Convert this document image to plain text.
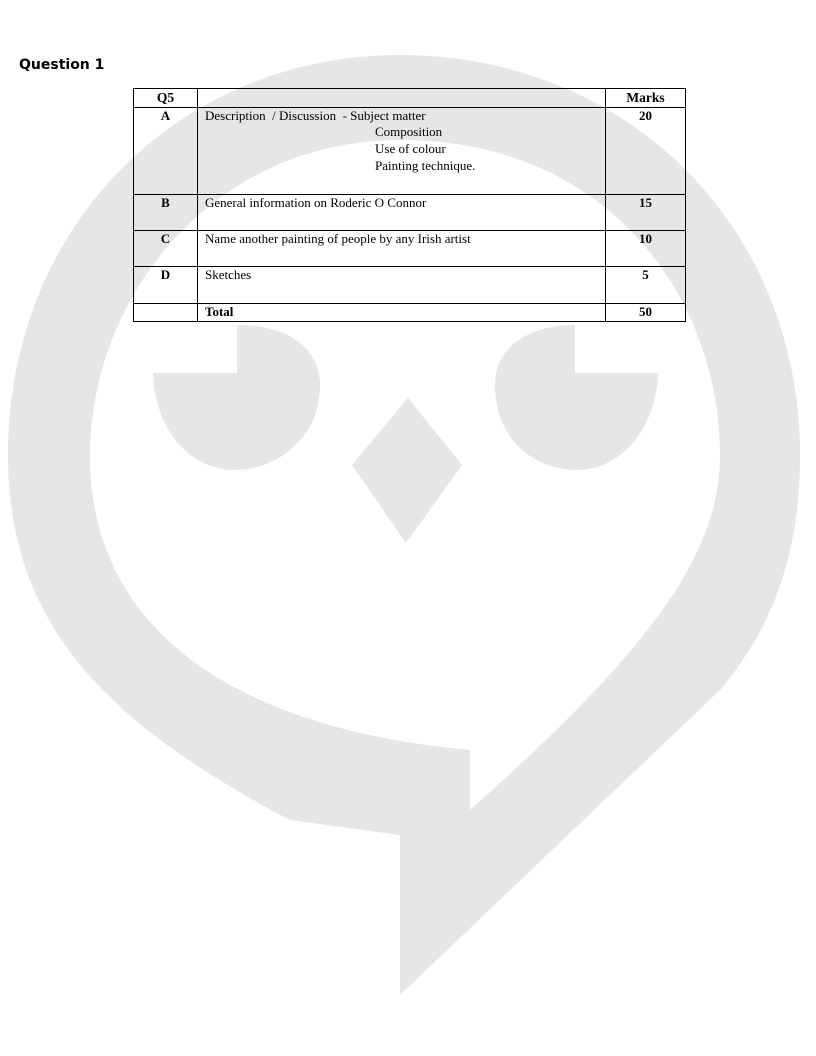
Question 1
Q5		Marks
A	Description  / Discussion  - Subject matter
Composition
Use of colour
Painting technique.	20
B	General information on Roderic O Connor	15
C	Name another painting of people by any Irish artist	10
D	Sketches	5
	Total	50
